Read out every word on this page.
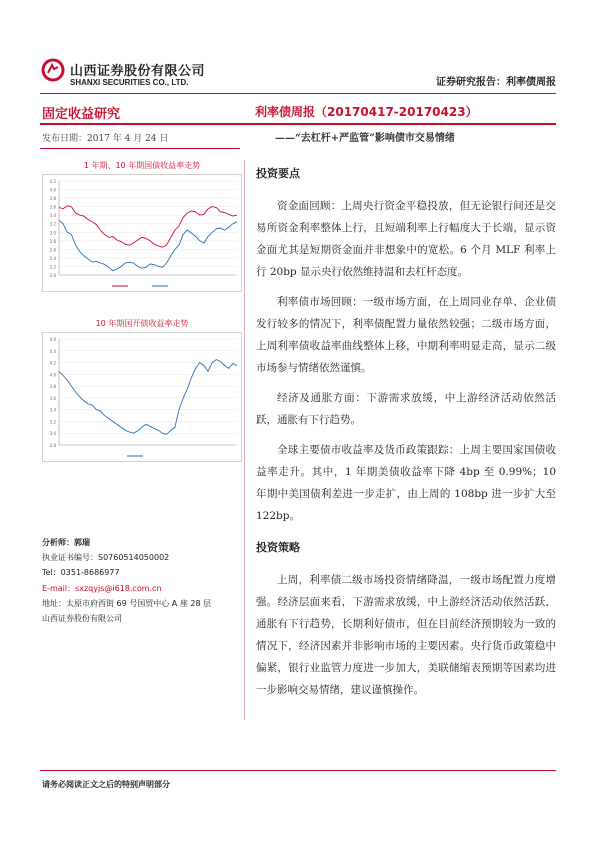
山西证券股份有限公司
SHANXI SECURITIES CO., LTD.	证券研究报告：利率债周报
固定收益研究	利率债周报（20170417-20170423）
发布日期：2017 年 4 月 24 日	——“去杠杆+严监管”影响债市交易情绪
1 年期、10 年期国债收益率走势
4.2
4.0
3.8
3.6
3.4
3.2
3.0
2.8
2.6
2.4
2.2
2.0
10 年期国开债收益率走势
4.6
4.4
4.2
4.0
3.8
3.6
3.4
3.2
3.0
2.8
投资要点

资金面回顾：上周央行资金平稳投放，但无论银行间还是交易所资金利率整体上行，且短端利率上行幅度大于长端，显示资金面尤其是短期资金面并非想象中的宽松。6 个月 MLF 利率上行 20bp 显示央行依然维持温和去杠杆态度。

利率债市场回顾：一级市场方面，在上周同业存单、企业债发行较多的情况下，利率债配置力量依然较强；二级市场方面，上周利率债收益率曲线整体上移，中期利率明显走高，显示二级市场参与情绪依然谨慎。

经济及通胀方面：下游需求放缓，中上游经济活动依然活跃，通胀有下行趋势。

全球主要债市收益率及货币政策跟踪：上周主要国家国债收益率走升。其中，1 年期美债收益率下降 4bp 至 0.99%；10 年期中美国债利差进一步走扩，由上周的 108bp 进一步扩大至 122bp。

投资策略

上周，利率债二级市场投资情绪降温，一级市场配置力度增强。经济层面来看，下游需求放缓，中上游经济活动依然活跃，通胀有下行趋势，长期利好债市，但在目前经济预期较为一致的情况下，经济因素并非影响市场的主要因素。央行货币政策稳中偏紧，银行业监管力度进一步加大，美联储缩表预期等因素均进一步影响交易情绪，建议谨慎操作。

分析师：郭瑞
执业证书编号：S0760514050002
Tel：0351-8686977
E-mail：sxzqyjs@i618.com.cn
地址：太原市府西街 69 号国贸中心 A 座 28 层
山西证券股份有限公司
请务必阅读正文之后的特别声明部分
